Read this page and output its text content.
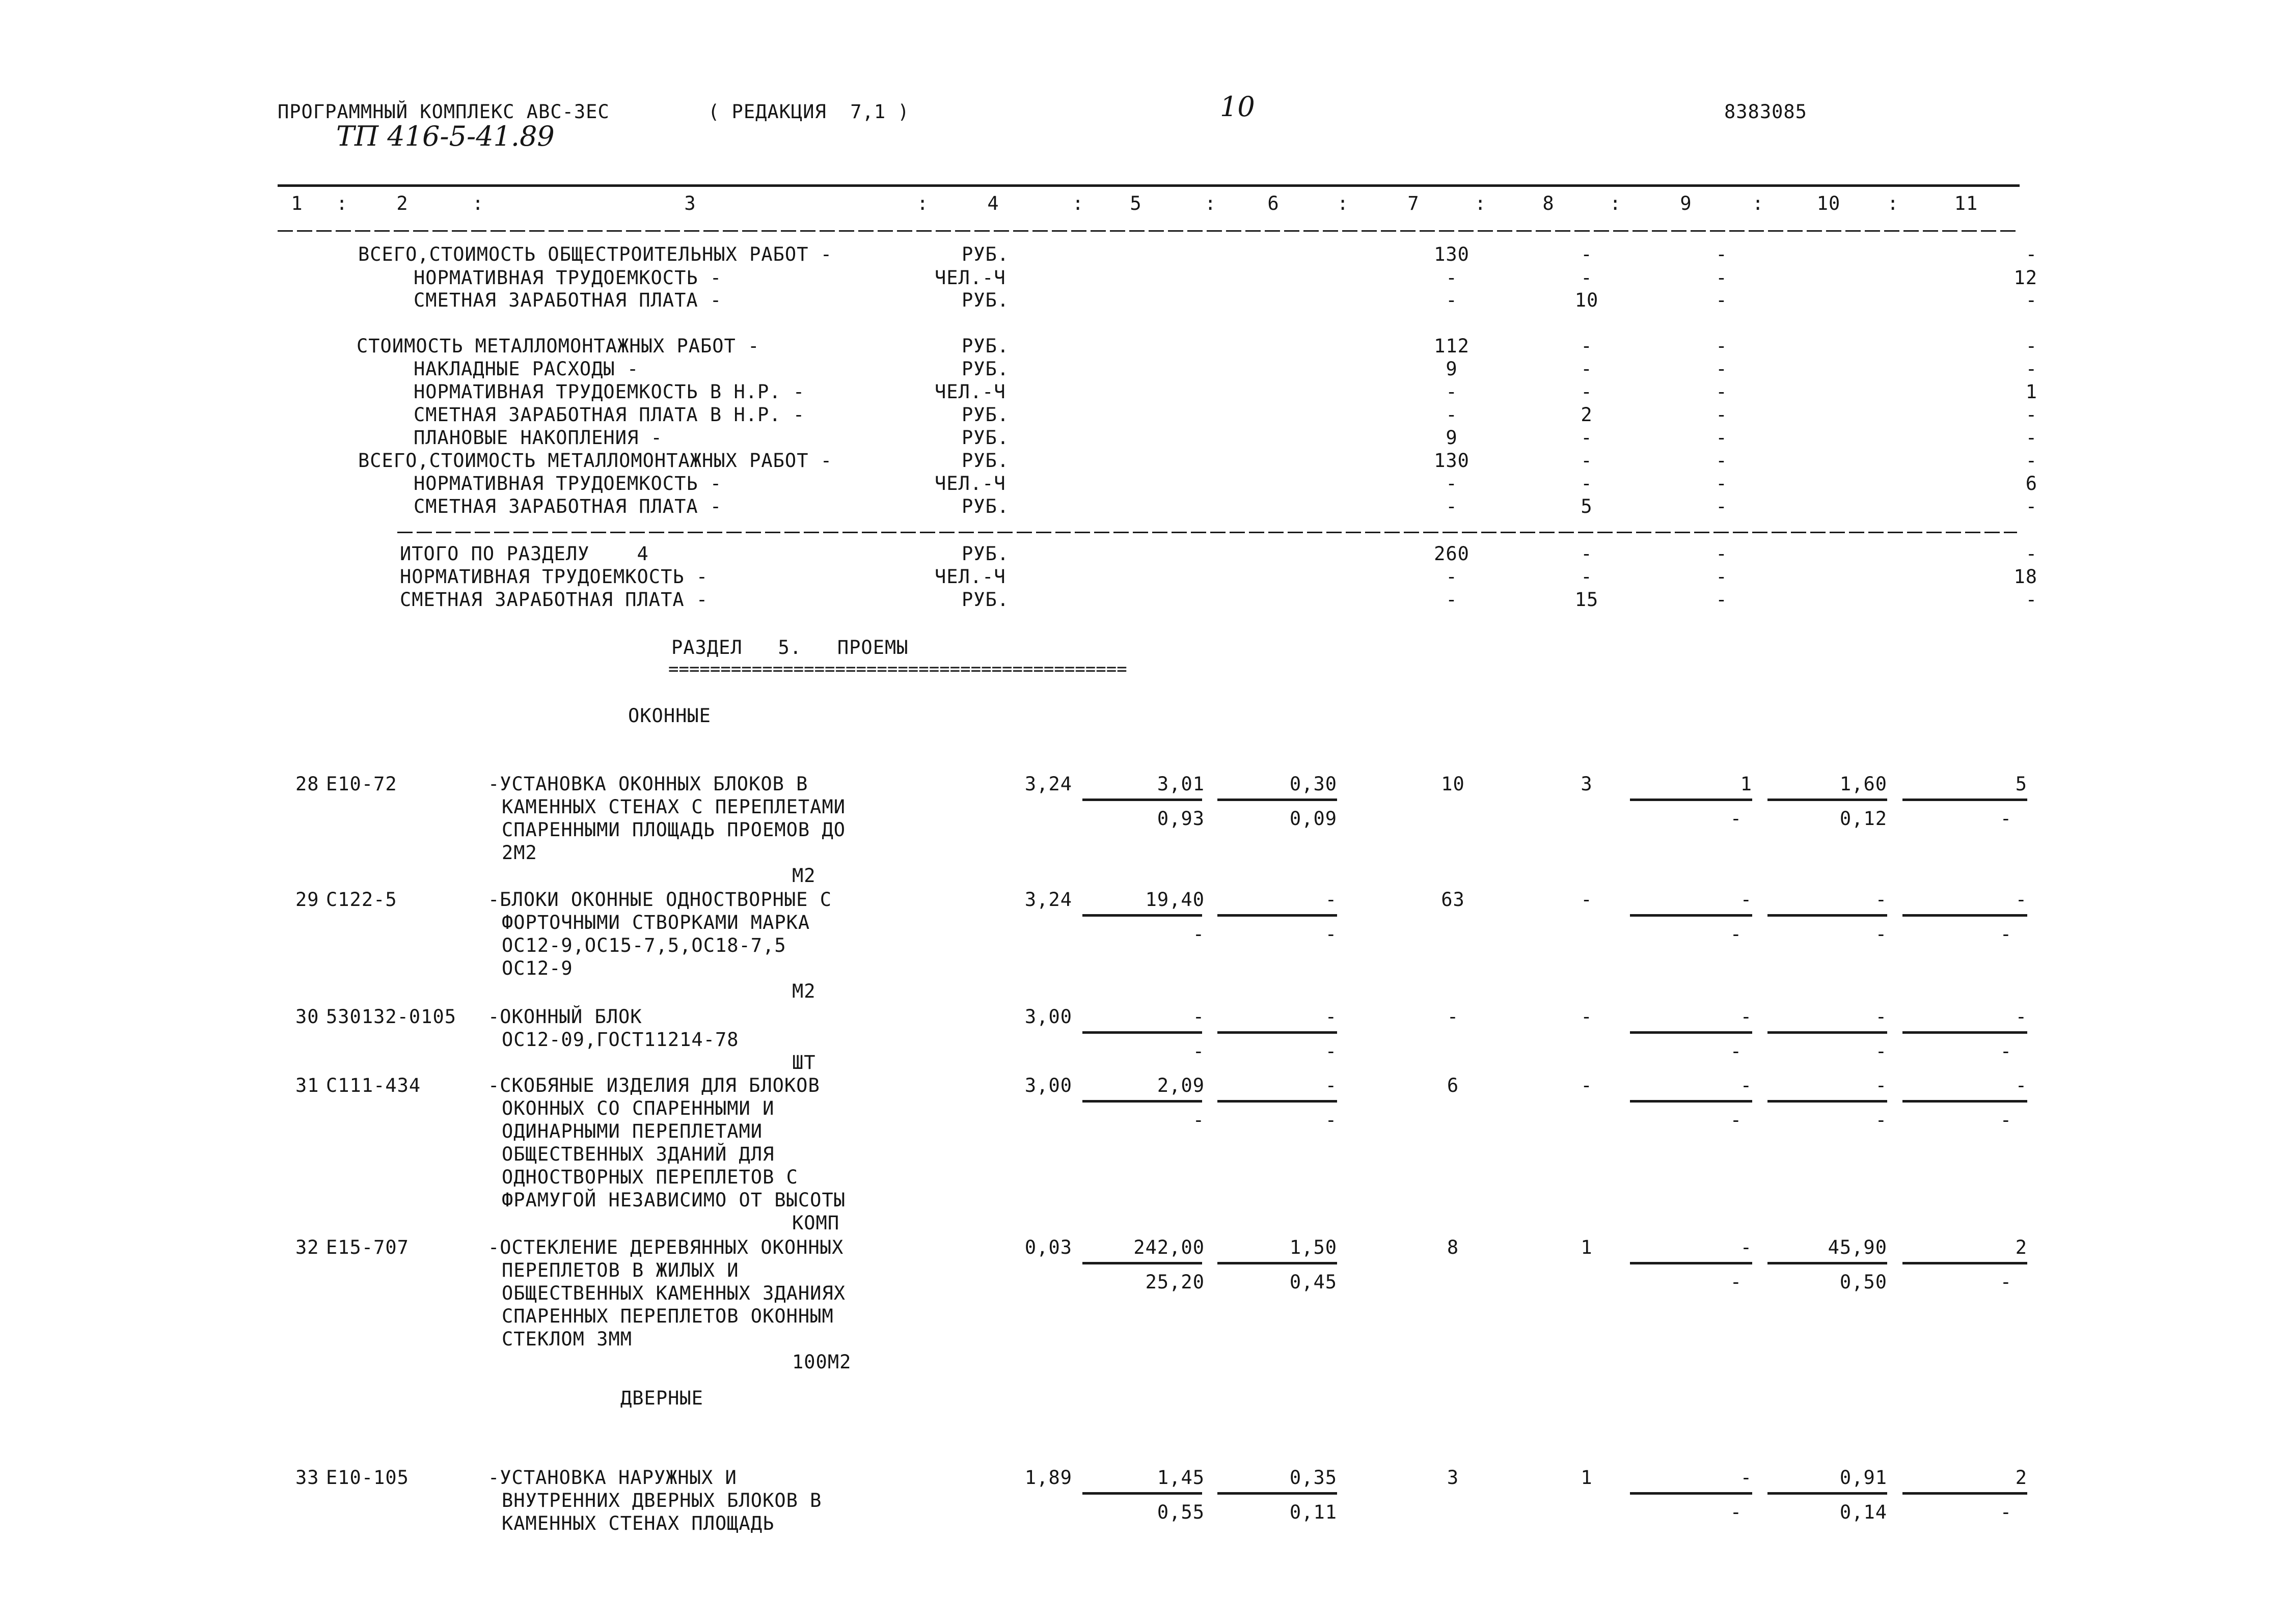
ПРОГРАММНЫЙ КОМПЛЕКС АВС-3ЕС	( РЕДАКЦИЯ  7,1 )	10	8383085
ТП 416-5-41.89
1	2	3	4	5	6	7	8	9	10	11
:	:	:	:	:	:	:	:	:	:
ВСЕГО,СТОИМОСТЬ ОБЩЕСТРОИТЕЛЬНЫХ РАБОТ -	РУБ.	130	-	-	-
НОРМАТИВНАЯ ТРУДОЕМКОСТЬ -	ЧЕЛ.-Ч	-	-	-	12
СМЕТНАЯ ЗАРАБОТНАЯ ПЛАТА -	РУБ.	-	10	-	-
СТОИМОСТЬ МЕТАЛЛОМОНТАЖНЫХ РАБОТ -	РУБ.	112	-	-	-
НАКЛАДНЫЕ РАСХОДЫ -	РУБ.	9	-	-	-
НОРМАТИВНАЯ ТРУДОЕМКОСТЬ В Н.Р. -	ЧЕЛ.-Ч	-	-	-	1
СМЕТНАЯ ЗАРАБОТНАЯ ПЛАТА В Н.Р. -	РУБ.	-	2	-	-
ПЛАНОВЫЕ НАКОПЛЕНИЯ -	РУБ.	9	-	-	-
ВСЕГО,СТОИМОСТЬ МЕТАЛЛОМОНТАЖНЫХ РАБОТ -	РУБ.	130	-	-	-
НОРМАТИВНАЯ ТРУДОЕМКОСТЬ -	ЧЕЛ.-Ч	-	-	-	6
СМЕТНАЯ ЗАРАБОТНАЯ ПЛАТА -	РУБ.	-	5	-	-
ИТОГО ПО РАЗДЕЛУ    4	РУБ.	260	-	-	-
НОРМАТИВНАЯ ТРУДОЕМКОСТЬ -	ЧЕЛ.-Ч	-	-	-	18
СМЕТНАЯ ЗАРАБОТНАЯ ПЛАТА -	РУБ.	-	15	-	-
РАЗДЕЛ   5.   ПРОЕМЫ
============================================
ОКОННЫЕ
ДВЕРНЫЕ
28 Е10-72	-УСТАНОВКА ОКОННЫХ БЛОКОВ В
КАМЕННЫХ СТЕНАХ С ПЕРЕПЛЕТАМИ
СПАРЕННЫМИ ПЛОЩАДЬ ПРОЕМОВ ДО
2М2
М2
3,24	3,01	0,30	10	3	1	1,60	5
0,93	0,09	-	0,12	-
29 С122-5	-БЛОКИ ОКОННЫЕ ОДНОСТВОРНЫЕ С
ФОРТОЧНЫМИ СТВОРКАМИ МАРКА
ОС12-9,ОС15-7,5,ОС18-7,5
ОС12-9
М2
3,24	19,40	-	63	-	-	-	-
-	-	-	-	-
30 530132-0105 -ОКОННЫЙ БЛОК
ОС12-09,ГОСТ11214-78
ШТ
3,00	-	-	-	-	-	-	-
-	-	-	-	-
31 С111-434	-СКОБЯНЫЕ ИЗДЕЛИЯ ДЛЯ БЛОКОВ
ОКОННЫХ СО СПАРЕННЫМИ И
ОДИНАРНЫМИ ПЕРЕПЛЕТАМИ
ОБЩЕСТВЕННЫХ ЗДАНИЙ ДЛЯ
ОДНОСТВОРНЫХ ПЕРЕПЛЕТОВ С
ФРАМУГОЙ НЕЗАВИСИМО ОТ ВЫСОТЫ
КОМП
3,00	2,09	-	6	-	-	-	-
-	-	-	-	-
32 Е15-707	-ОСТЕКЛЕНИЕ ДЕРЕВЯННЫХ ОКОННЫХ
ПЕРЕПЛЕТОВ В ЖИЛЫХ И
ОБЩЕСТВЕННЫХ КАМЕННЫХ ЗДАНИЯХ
СПАРЕННЫХ ПЕРЕПЛЕТОВ ОКОННЫМ
СТЕКЛОМ 3ММ
100М2
0,03	242,00	1,50	8	1	-	45,90	2
25,20	0,45	-	0,50	-
33 Е10-105	-УСТАНОВКА НАРУЖНЫХ И
ВНУТРЕННИХ ДВЕРНЫХ БЛОКОВ В
КАМЕННЫХ СТЕНАХ ПЛОЩАДЬ
1,89	1,45	0,35	3	1	-	0,91	2
0,55	0,11	-	0,14	-
